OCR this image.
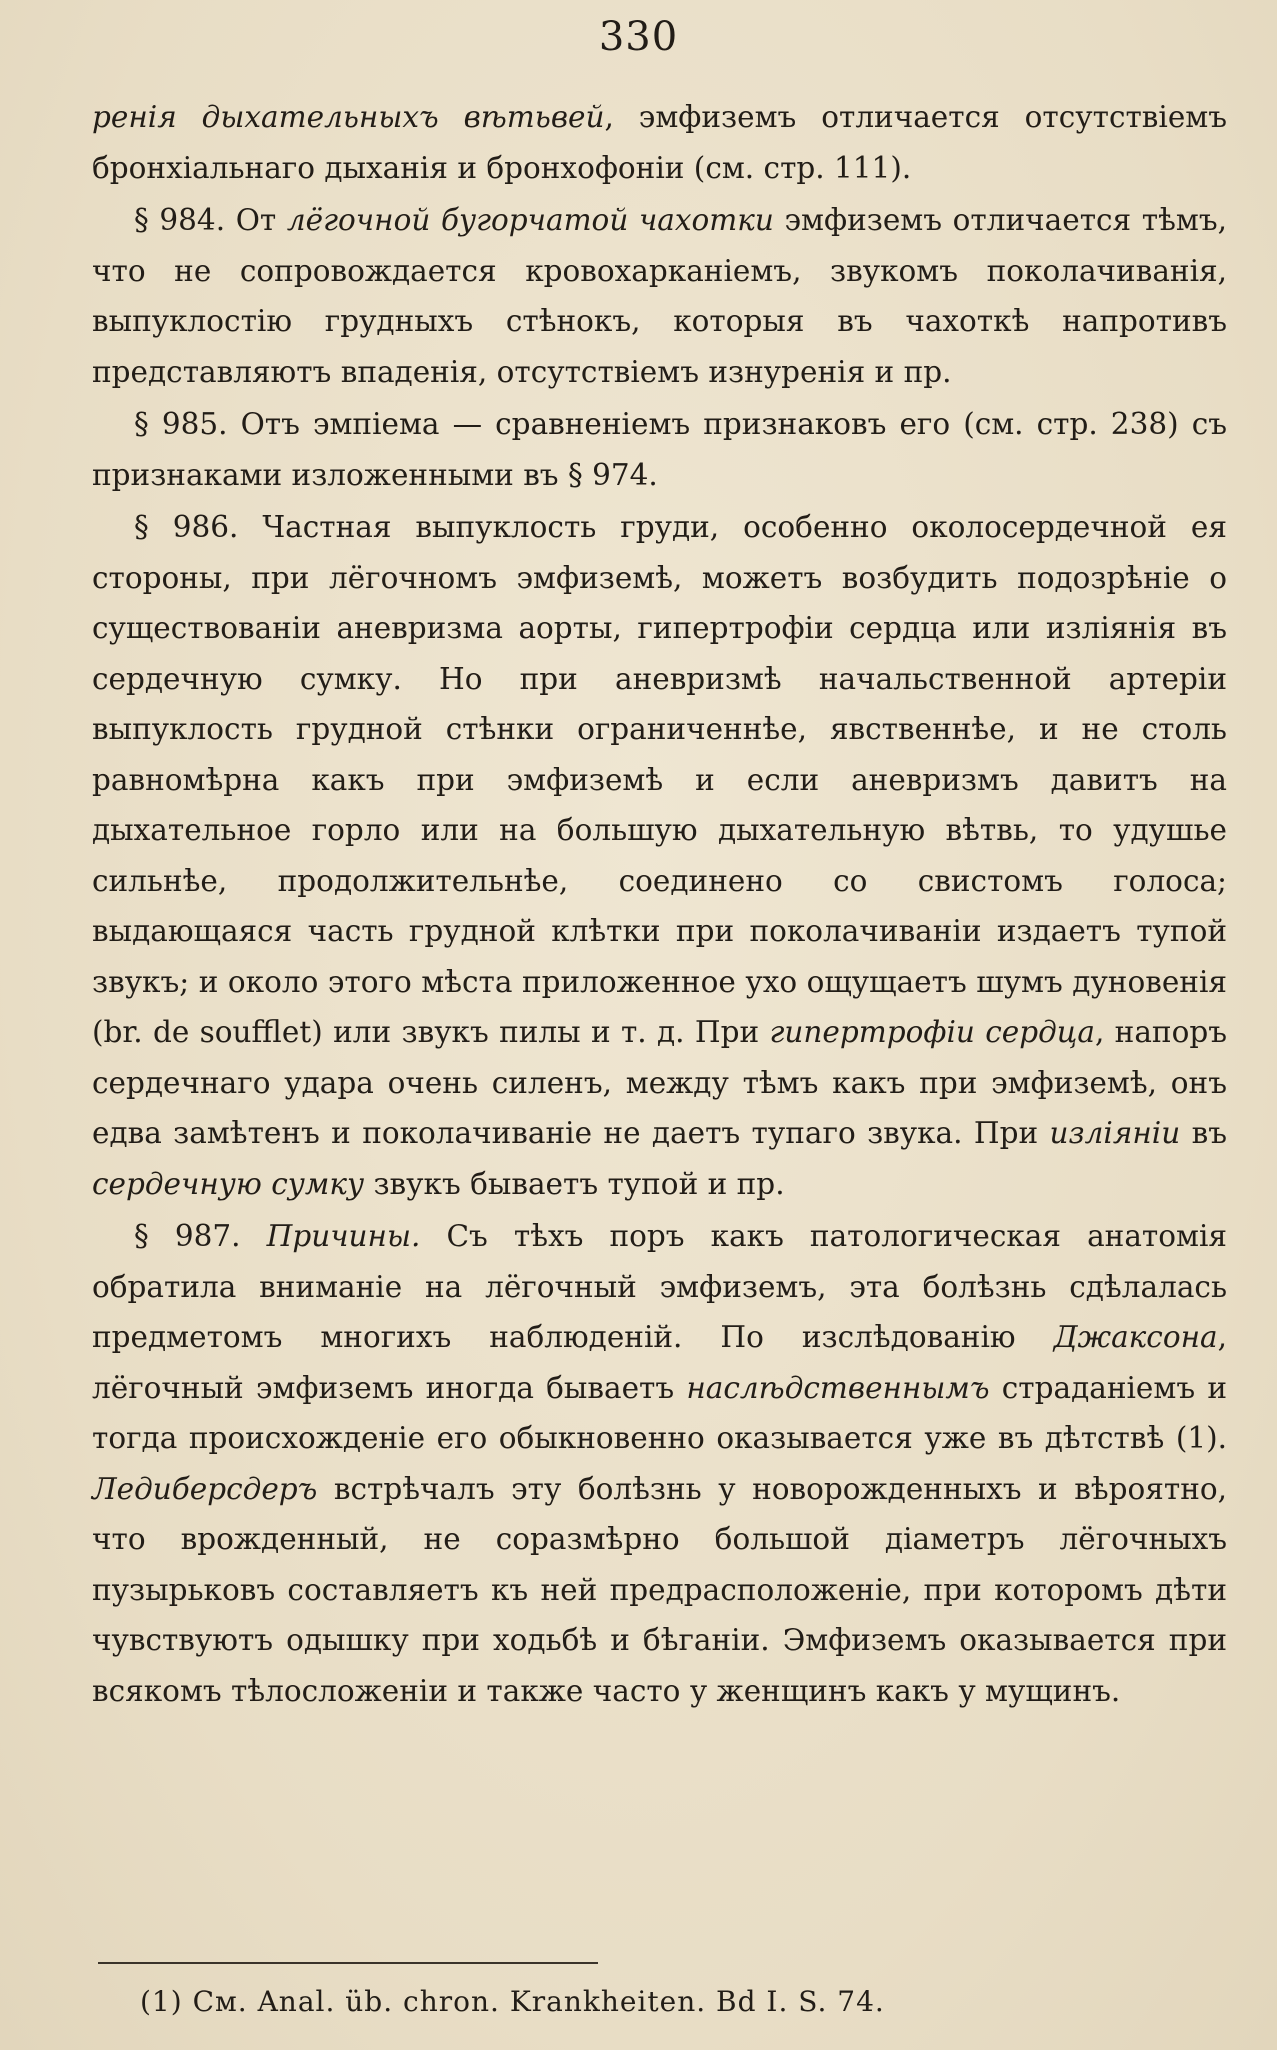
330

ренія дыхательныхъ вѣтьвей, эмфиземъ отличается отсутствіемъ бронхіальнаго дыханія и бронхофоніи (см. стр. 111).

§ 984. От лёгочной бугорчатой чахотки эмфиземъ отличается тѣмъ, что не сопровождается кровохарканіемъ, звукомъ поколачиванія, выпуклостію грудныхъ стѣнокъ, которыя въ чахоткѣ напротивъ представляютъ впаденія, отсутствіемъ изнуренія и пр.

§ 985. Отъ эмпіема — сравненіемъ признаковъ его (см. стр. 238) съ признаками изложенными въ § 974.

§ 986. Частная выпуклость груди, особенно околосердечной ея стороны, при лёгочномъ эмфиземѣ, можетъ возбудить подозрѣніе о существованіи аневризма аорты, гипертрофіи сердца или изліянія въ сердечную сумку. Но при аневризмѣ начальственной артеріи выпуклость грудной стѣнки ограниченнѣе, явственнѣе, и не столь равномѣрна какъ при эмфиземѣ и если аневризмъ давитъ на дыхательное горло или на большую дыхательную вѣтвь, то удушье сильнѣе, продолжительнѣе, соединено со свистомъ голоса; выдающаяся часть грудной клѣтки при поколачиваніи издаетъ тупой звукъ; и около этого мѣста приложенное ухо ощущаетъ шумъ дуновенія (br. de soufflet) или звукъ пилы и т. д. При гипертрофіи сердца, напоръ сердечнаго удара очень силенъ, между тѣмъ какъ при эмфиземѣ, онъ едва замѣтенъ и поколачиваніе не даетъ тупаго звука. При изліяніи въ сердечную сумку звукъ бываетъ тупой и пр.

§ 987. Причины. Съ тѣхъ поръ какъ патологическая анатомія обратила вниманіе на лёгочный эмфиземъ, эта болѣзнь сдѣлалась предметомъ многихъ наблюденій. По изслѣдованію Джаксона, лёгочный эмфиземъ иногда бываетъ наслѣдственнымъ страданіемъ и тогда происхожденіе его обыкновенно оказывается уже въ дѣтствѣ (1). Ледиберсдеръ встрѣчалъ эту болѣзнь у новорожденныхъ и вѣроятно, что врожденный, не соразмѣрно большой діаметръ лёгочныхъ пузырьковъ составляетъ къ ней предрасположеніе, при которомъ дѣти чувствуютъ одышку при ходьбѣ и бѣганіи. Эмфиземъ оказывается при всякомъ тѣлосложеніи и также часто у женщинъ какъ у мущинъ.

(1) См. Anal. üb. chron. Krankheiten. Bd I. S. 74.
